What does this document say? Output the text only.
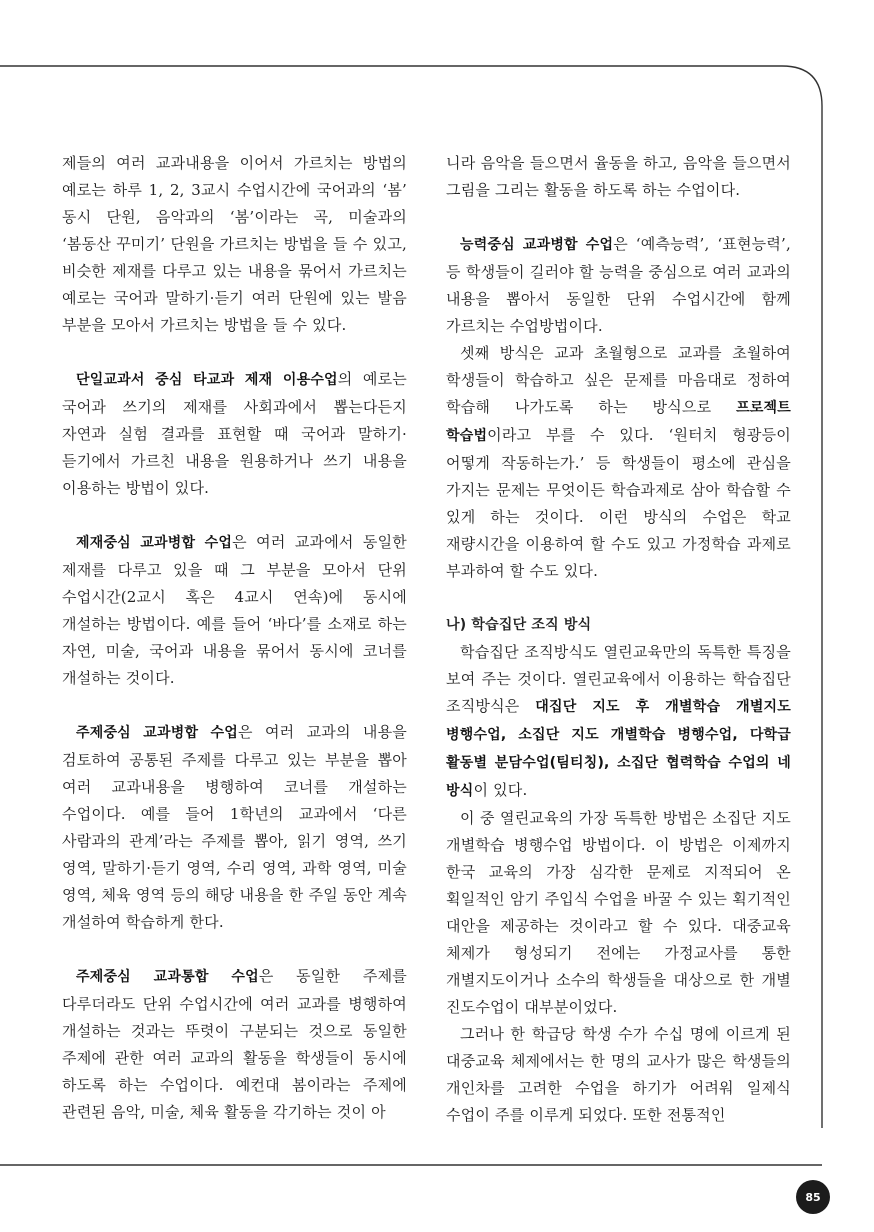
제들의 여러 교과내용을 이어서 가르치는 방법의 예로는 하루 1, 2, 3교시 수업시간에 국어과의 ‘봄’ 동시 단원, 음악과의 ‘봄’이라는 곡, 미술과의 ‘봄동산 꾸미기’ 단원을 가르치는 방법을 들 수 있고, 비슷한 제재를 다루고 있는 내용을 묶어서 가르치는 예로는 국어과 말하기·듣기 여러 단원에 있는 발음 부분을 모아서 가르치는 방법을 들 수 있다.

단일교과서 중심 타교과 제재 이용수업의 예로는 국어과 쓰기의 제재를 사회과에서 뽑는다든지 자연과 실험 결과를 표현할 때 국어과 말하기·듣기에서 가르친 내용을 원용하거나 쓰기 내용을 이용하는 방법이 있다.

제재중심 교과병합 수업은 여러 교과에서 동일한 제재를 다루고 있을 때 그 부분을 모아서 단위 수업시간(2교시 혹은 4교시 연속)에 동시에 개설하는 방법이다. 예를 들어 ‘바다’를 소재로 하는 자연, 미술, 국어과 내용을 묶어서 동시에 코너를 개설하는 것이다.

주제중심 교과병합 수업은 여러 교과의 내용을 검토하여 공통된 주제를 다루고 있는 부분을 뽑아 여러 교과내용을 병행하여 코너를 개설하는 수업이다. 예를 들어 1학년의 교과에서 ‘다른 사람과의 관계’라는 주제를 뽑아, 읽기 영역, 쓰기 영역, 말하기·듣기 영역, 수리 영역, 과학 영역, 미술 영역, 체육 영역 등의 해당 내용을 한 주일 동안 계속 개설하여 학습하게 한다.

주제중심 교과통합 수업은 동일한 주제를 다루더라도 단위 수업시간에 여러 교과를 병행하여 개설하는 것과는 뚜렷이 구분되는 것으로 동일한 주제에 관한 여러 교과의 활동을 학생들이 동시에 하도록 하는 수업이다. 예컨대 봄이라는 주제에 관련된 음악, 미술, 체육 활동을 각기하는 것이 아

니라 음악을 들으면서 율동을 하고, 음악을 들으면서 그림을 그리는 활동을 하도록 하는 수업이다.

능력중심 교과병합 수업은 ‘예측능력’, ‘표현능력’, 등 학생들이 길러야 할 능력을 중심으로 여러 교과의 내용을 뽑아서 동일한 단위 수업시간에 함께 가르치는 수업방법이다.

셋째 방식은 교과 초월형으로 교과를 초월하여 학생들이 학습하고 싶은 문제를 마음대로 정하여 학습해 나가도록 하는 방식으로 프로젝트 학습법이라고 부를 수 있다. ‘원터치 형광등이 어떻게 작동하는가.’ 등 학생들이 평소에 관심을 가지는 문제는 무엇이든 학습과제로 삼아 학습할 수 있게 하는 것이다. 이런 방식의 수업은 학교 재량시간을 이용하여 할 수도 있고 가정학습 과제로 부과하여 할 수도 있다.

나) 학습집단 조직 방식

학습집단 조직방식도 열린교육만의 독특한 특징을 보여 주는 것이다. 열린교육에서 이용하는 학습집단 조직방식은 대집단 지도 후 개별학습 개별지도 병행수업, 소집단 지도 개별학습 병행수업, 다학급 활동별 분담수업(팀티칭), 소집단 협력학습 수업의 네 방식이 있다.

이 중 열린교육의 가장 독특한 방법은 소집단 지도 개별학습 병행수업 방법이다. 이 방법은 이제까지 한국 교육의 가장 심각한 문제로 지적되어 온 획일적인 암기 주입식 수업을 바꿀 수 있는 획기적인 대안을 제공하는 것이라고 할 수 있다. 대중교육 체제가 형성되기 전에는 가정교사를 통한 개별지도이거나 소수의 학생들을 대상으로 한 개별 진도수업이 대부분이었다.

그러나 한 학급당 학생 수가 수십 명에 이르게 된 대중교육 체제에서는 한 명의 교사가 많은 학생들의 개인차를 고려한 수업을 하기가 어려워 일제식 수업이 주를 이루게 되었다. 또한 전통적인

85
